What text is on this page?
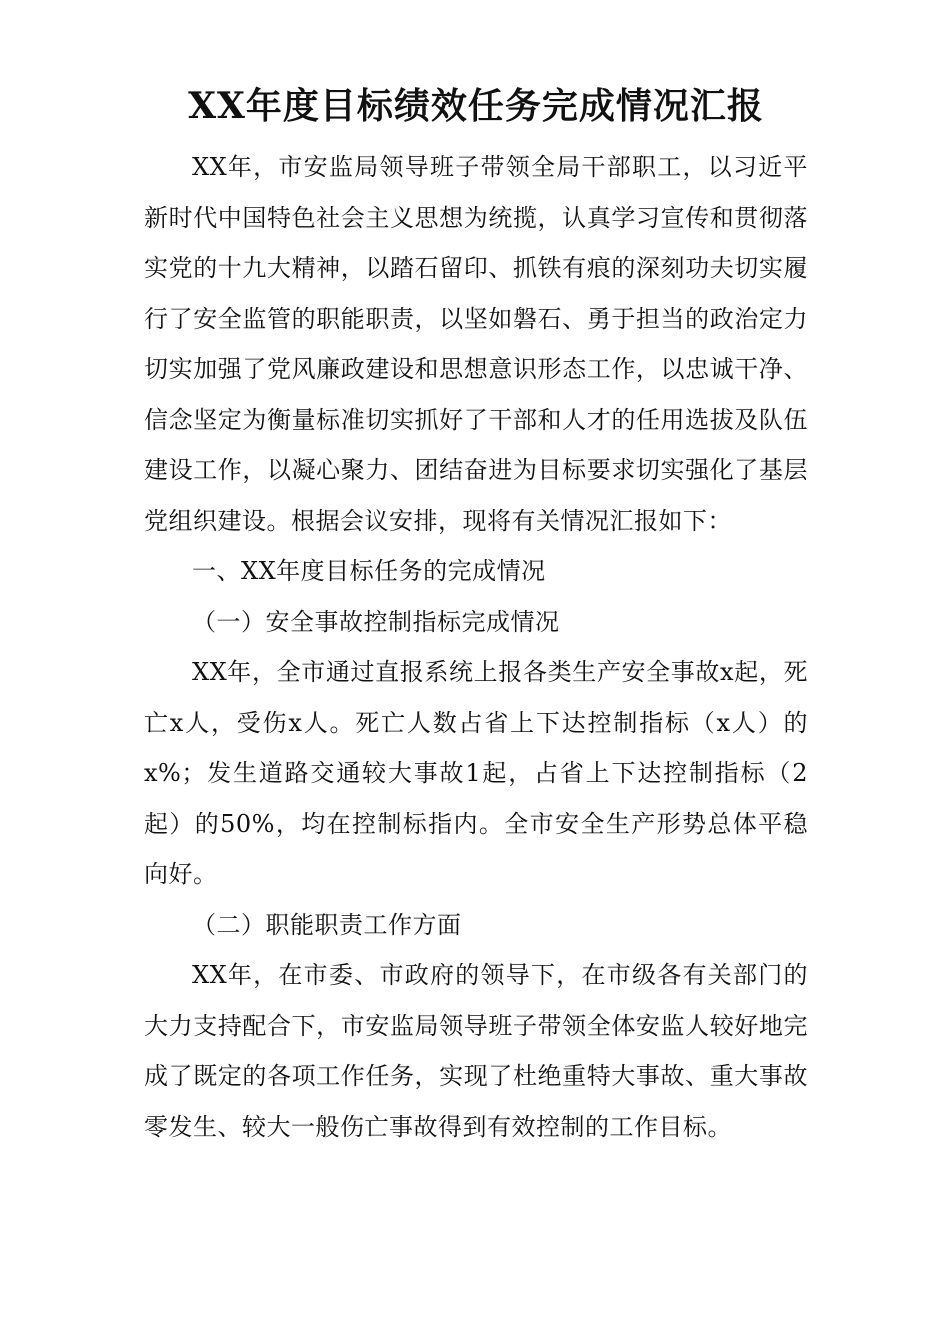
XX年度目标绩效任务完成情况汇报

XX年，市安监局领导班子带领全局干部职工，以习近平新时代中国特色社会主义思想为统揽，认真学习宣传和贯彻落实党的十九大精神，以踏石留印、抓铁有痕的深刻功夫切实履行了安全监管的职能职责，以坚如磐石、勇于担当的政治定力切实加强了党风廉政建设和思想意识形态工作，以忠诚干净、信念坚定为衡量标准切实抓好了干部和人才的任用选拔及队伍建设工作，以凝心聚力、团结奋进为目标要求切实强化了基层党组织建设。根据会议安排，现将有关情况汇报如下：

一、XX年度目标任务的完成情况

（一）安全事故控制指标完成情况

XX年，全市通过直报系统上报各类生产安全事故x起，死亡x人，受伤x人。死亡人数占省上下达控制指标（x人）的x%；发生道路交通较大事故1起，占省上下达控制指标（2起）的50%，均在控制标指内。全市安全生产形势总体平稳向好。

（二）职能职责工作方面

XX年，在市委、市政府的领导下，在市级各有关部门的大力支持配合下，市安监局领导班子带领全体安监人较好地完成了既定的各项工作任务，实现了杜绝重特大事故、重大事故零发生、较大一般伤亡事故得到有效控制的工作目标。
